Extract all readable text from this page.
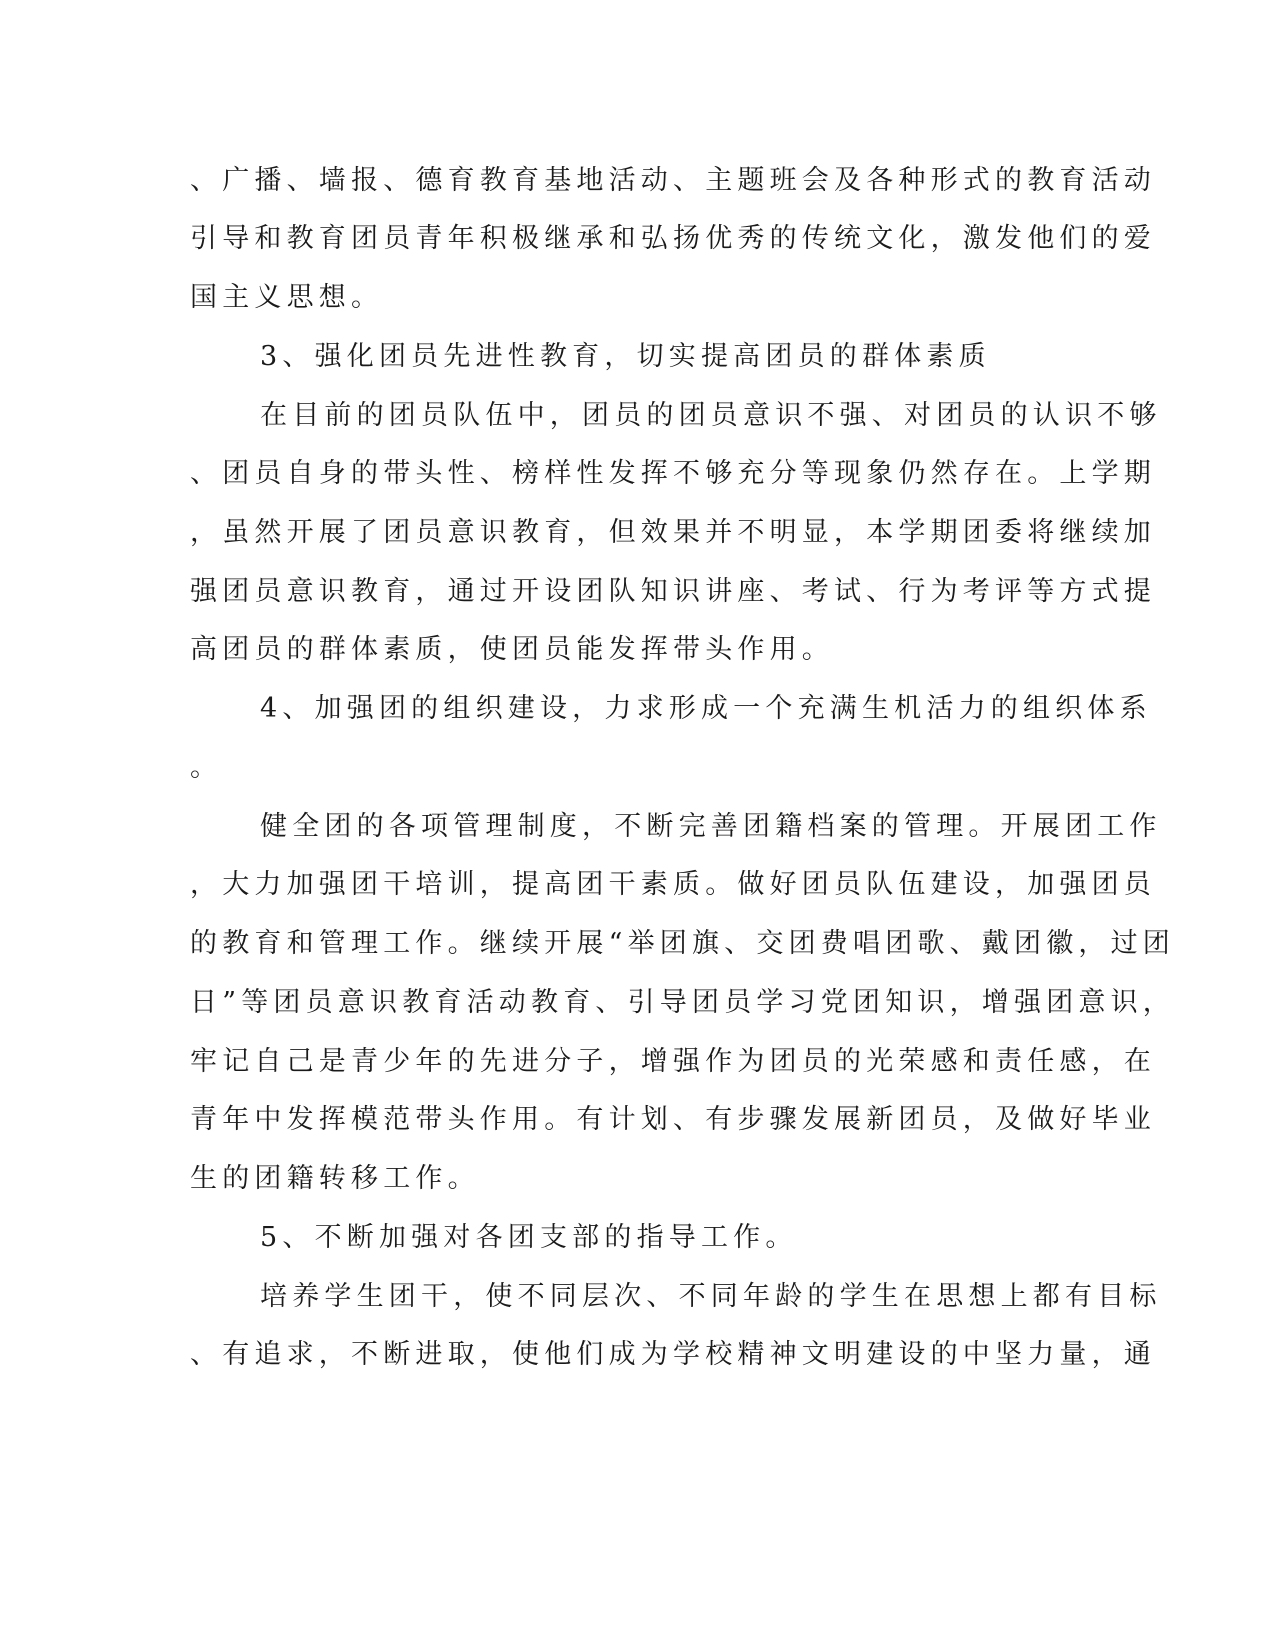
、广播、墙报、德育教育基地活动、主题班会及各种形式的教育活动
引导和教育团员青年积极继承和弘扬优秀的传统文化，激发他们的爱
国主义思想。
3、强化团员先进性教育，切实提高团员的群体素质
在目前的团员队伍中，团员的团员意识不强、对团员的认识不够
、团员自身的带头性、榜样性发挥不够充分等现象仍然存在。上学期
，虽然开展了团员意识教育，但效果并不明显，本学期团委将继续加
强团员意识教育，通过开设团队知识讲座、考试、行为考评等方式提
高团员的群体素质，使团员能发挥带头作用。
4、加强团的组织建设，力求形成一个充满生机活力的组织体系
。
健全团的各项管理制度，不断完善团籍档案的管理。开展团工作
，大力加强团干培训，提高团干素质。做好团员队伍建设，加强团员
的教育和管理工作。继续开展“举团旗、交团费唱团歌、戴团徽，过团
日”等团员意识教育活动教育、引导团员学习党团知识，增强团意识，
牢记自己是青少年的先进分子，增强作为团员的光荣感和责任感，在
青年中发挥模范带头作用。有计划、有步骤发展新团员，及做好毕业
生的团籍转移工作。
5、不断加强对各团支部的指导工作。
培养学生团干，使不同层次、不同年龄的学生在思想上都有目标
、有追求，不断进取，使他们成为学校精神文明建设的中坚力量，通
